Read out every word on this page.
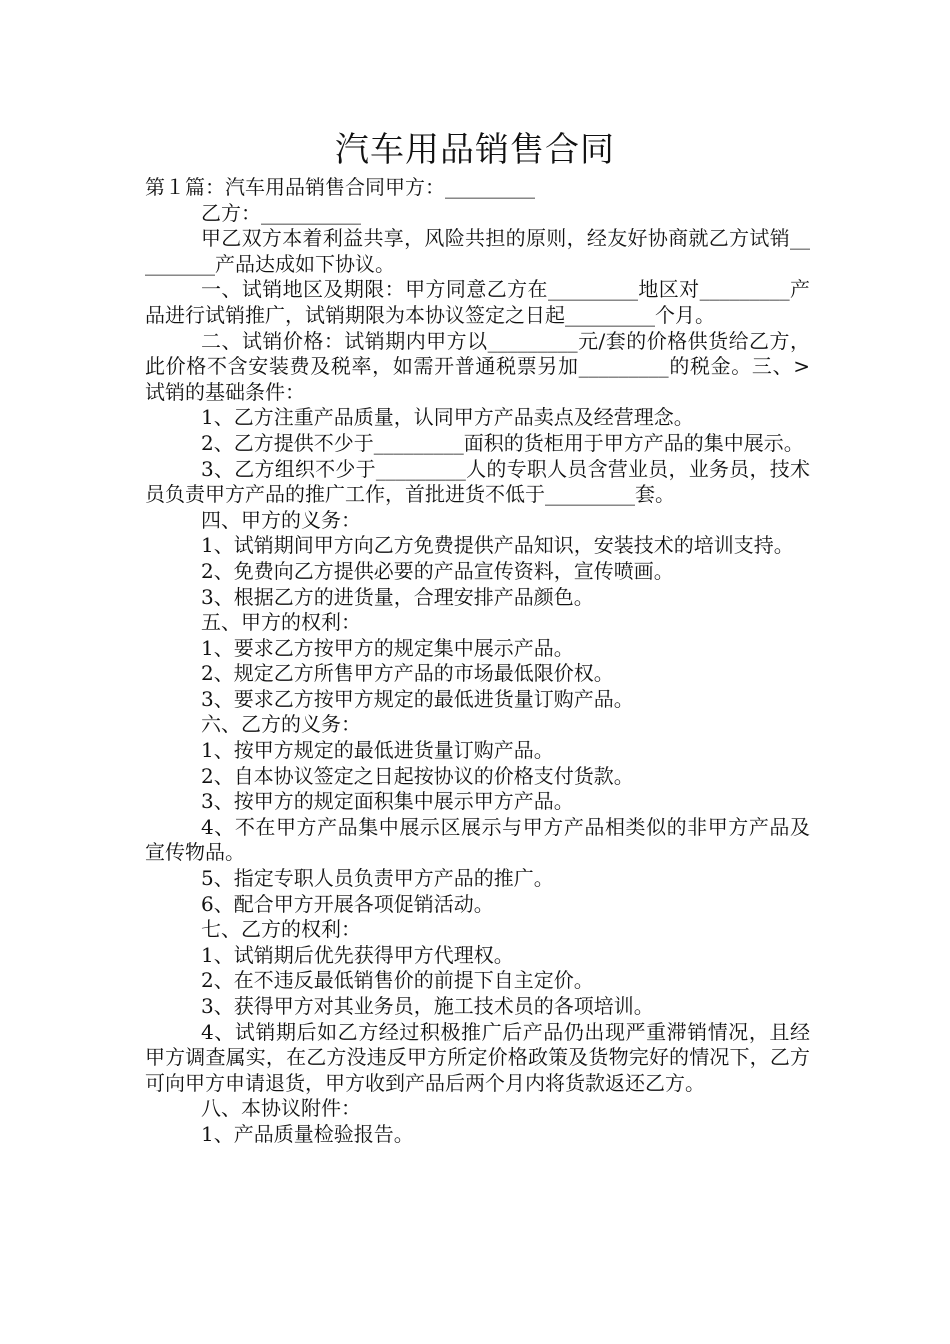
汽车用品销售合同

第１篇：汽车用品销售合同甲方：_________

乙方：__________

甲乙双方本着利益共享，风险共担的原则，经友好协商就乙方试销_________产品达成如下协议。

一、试销地区及期限：甲方同意乙方在_________地区对_________产品进行试销推广，试销期限为本协议签定之日起_________个月。

二、试销价格：试销期内甲方以_________元/套的价格供货给乙方，此价格不含安装费及税率，如需开普通税票另加_________的税金。三、>试销的基础条件：

1、乙方注重产品质量，认同甲方产品卖点及经营理念。

2、乙方提供不少于_________面积的货柜用于甲方产品的集中展示。

3、乙方组织不少于_________人的专职人员含营业员，业务员，技术员负责甲方产品的推广工作，首批进货不低于_________套。

四、甲方的义务：

1、试销期间甲方向乙方免费提供产品知识，安装技术的培训支持。

2、免费向乙方提供必要的产品宣传资料，宣传喷画。

3、根据乙方的进货量，合理安排产品颜色。

五、甲方的权利：

1、要求乙方按甲方的规定集中展示产品。

2、规定乙方所售甲方产品的市场最低限价权。

3、要求乙方按甲方规定的最低进货量订购产品。

六、乙方的义务：

1、按甲方规定的最低进货量订购产品。

2、自本协议签定之日起按协议的价格支付货款。

3、按甲方的规定面积集中展示甲方产品。

4、不在甲方产品集中展示区展示与甲方产品相类似的非甲方产品及宣传物品。

5、指定专职人员负责甲方产品的推广。

6、配合甲方开展各项促销活动。

七、乙方的权利：

1、试销期后优先获得甲方代理权。

2、在不违反最低销售价的前提下自主定价。

3、获得甲方对其业务员，施工技术员的各项培训。

4、试销期后如乙方经过积极推广后产品仍出现严重滞销情况，且经甲方调查属实，在乙方没违反甲方所定价格政策及货物完好的情况下，乙方可向甲方申请退货，甲方收到产品后两个月内将货款返还乙方。

八、本协议附件：

1、产品质量检验报告。
